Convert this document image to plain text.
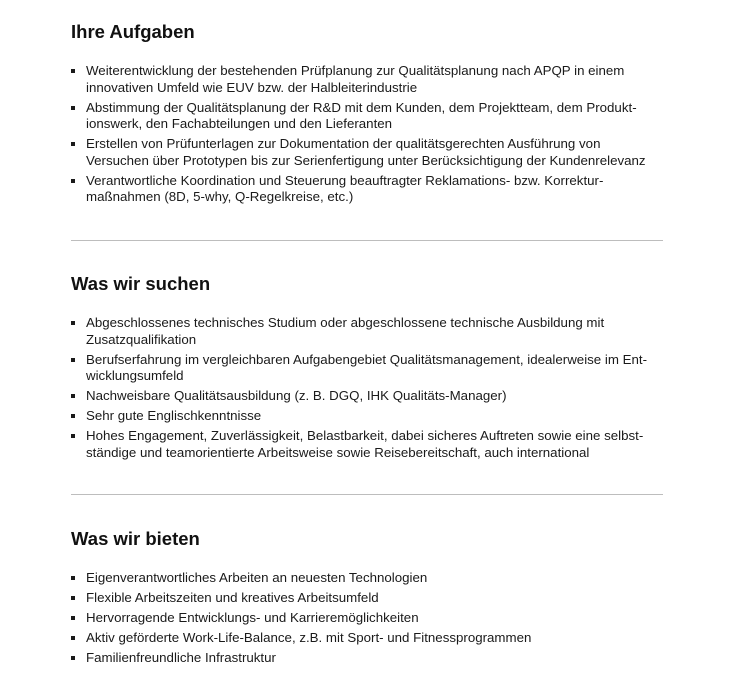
Ihre Aufgaben
Weiterentwicklung der bestehenden Prüfplanung zur Qualitätsplanung nach APQP in einem innovativen Umfeld wie EUV bzw. der Halbleiterindustrie
Abstimmung der Qualitätsplanung der R&D mit dem Kunden, dem Projektteam, dem Produktionswerk, den Fachabteilungen und den Lieferanten
Erstellen von Prüfunterlagen zur Dokumentation der qualitätsgerechten Ausführung von Versuchen über Prototypen bis zur Serienfertigung unter Berücksichtigung der Kundenrelevanz
Verantwortliche Koordination und Steuerung beauftragter Reklamations- bzw. Korrekturmaßnahmen (8D, 5-why, Q-Regelkreise, etc.)
Was wir suchen
Abgeschlossenes technisches Studium oder abgeschlossene technische Ausbildung mit Zusatzqualifikation
Berufserfahrung im vergleichbaren Aufgabengebiet Qualitätsmanagement, idealerweise im Entwicklungsumfeld
Nachweisbare Qualitätsausbildung (z. B. DGQ, IHK Qualitäts-Manager)
Sehr gute Englischkenntnisse
Hohes Engagement, Zuverlässigkeit, Belastbarkeit, dabei sicheres Auftreten sowie eine selbstständige und teamorientierte Arbeitsweise sowie Reisebereitschaft, auch international
Was wir bieten
Eigenverantwortliches Arbeiten an neuesten Technologien
Flexible Arbeitszeiten und kreatives Arbeitsumfeld
Hervorragende Entwicklungs- und Karrieremöglichkeiten
Aktiv geförderte Work-Life-Balance, z.B. mit Sport- und Fitnessprogrammen
Familienfreundliche Infrastruktur
